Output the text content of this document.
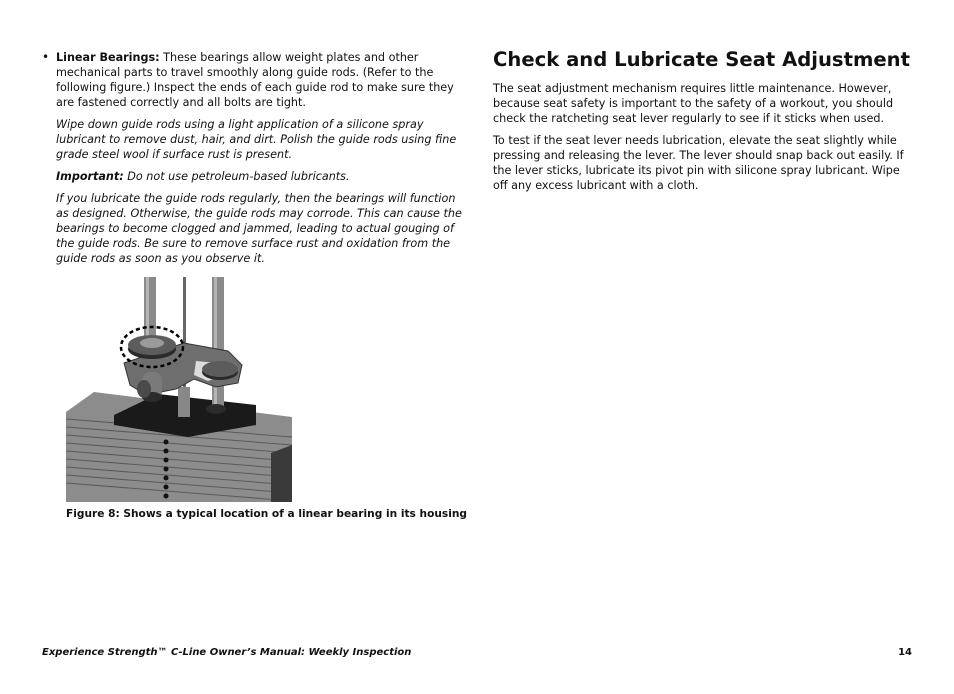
• Linear Bearings: These bearings allow weight plates and other mechanical parts to travel smoothly along guide rods. (Refer to the following figure.) Inspect the ends of each guide rod to make sure they are fastened correctly and all bolts are tight.

Wipe down guide rods using a light application of a silicone spray lubricant to remove dust, hair, and dirt. Polish the guide rods using fine grade steel wool if surface rust is present.

Important: Do not use petroleum-based lubricants.

If you lubricate the guide rods regularly, then the bearings will function as designed. Otherwise, the guide rods may corrode. This can cause the bearings to become clogged and jammed, leading to actual gouging of the guide rods. Be sure to remove surface rust and oxidation from the guide rods as soon as you observe it.

Figure 8: Shows a typical location of a linear bearing in its housing
Check and Lubricate Seat Adjustment

The seat adjustment mechanism requires little maintenance. However, because seat safety is important to the safety of a workout, you should check the ratcheting seat lever regularly to see if it sticks when used.

To test if the seat lever needs lubrication, elevate the seat slightly while pressing and releasing the lever. The lever should snap back out easily. If the lever sticks, lubricate its pivot pin with silicone spray lubricant. Wipe off any excess lubricant with a cloth.

Experience Strength™ C-Line Owner’s Manual: Weekly Inspection	14
